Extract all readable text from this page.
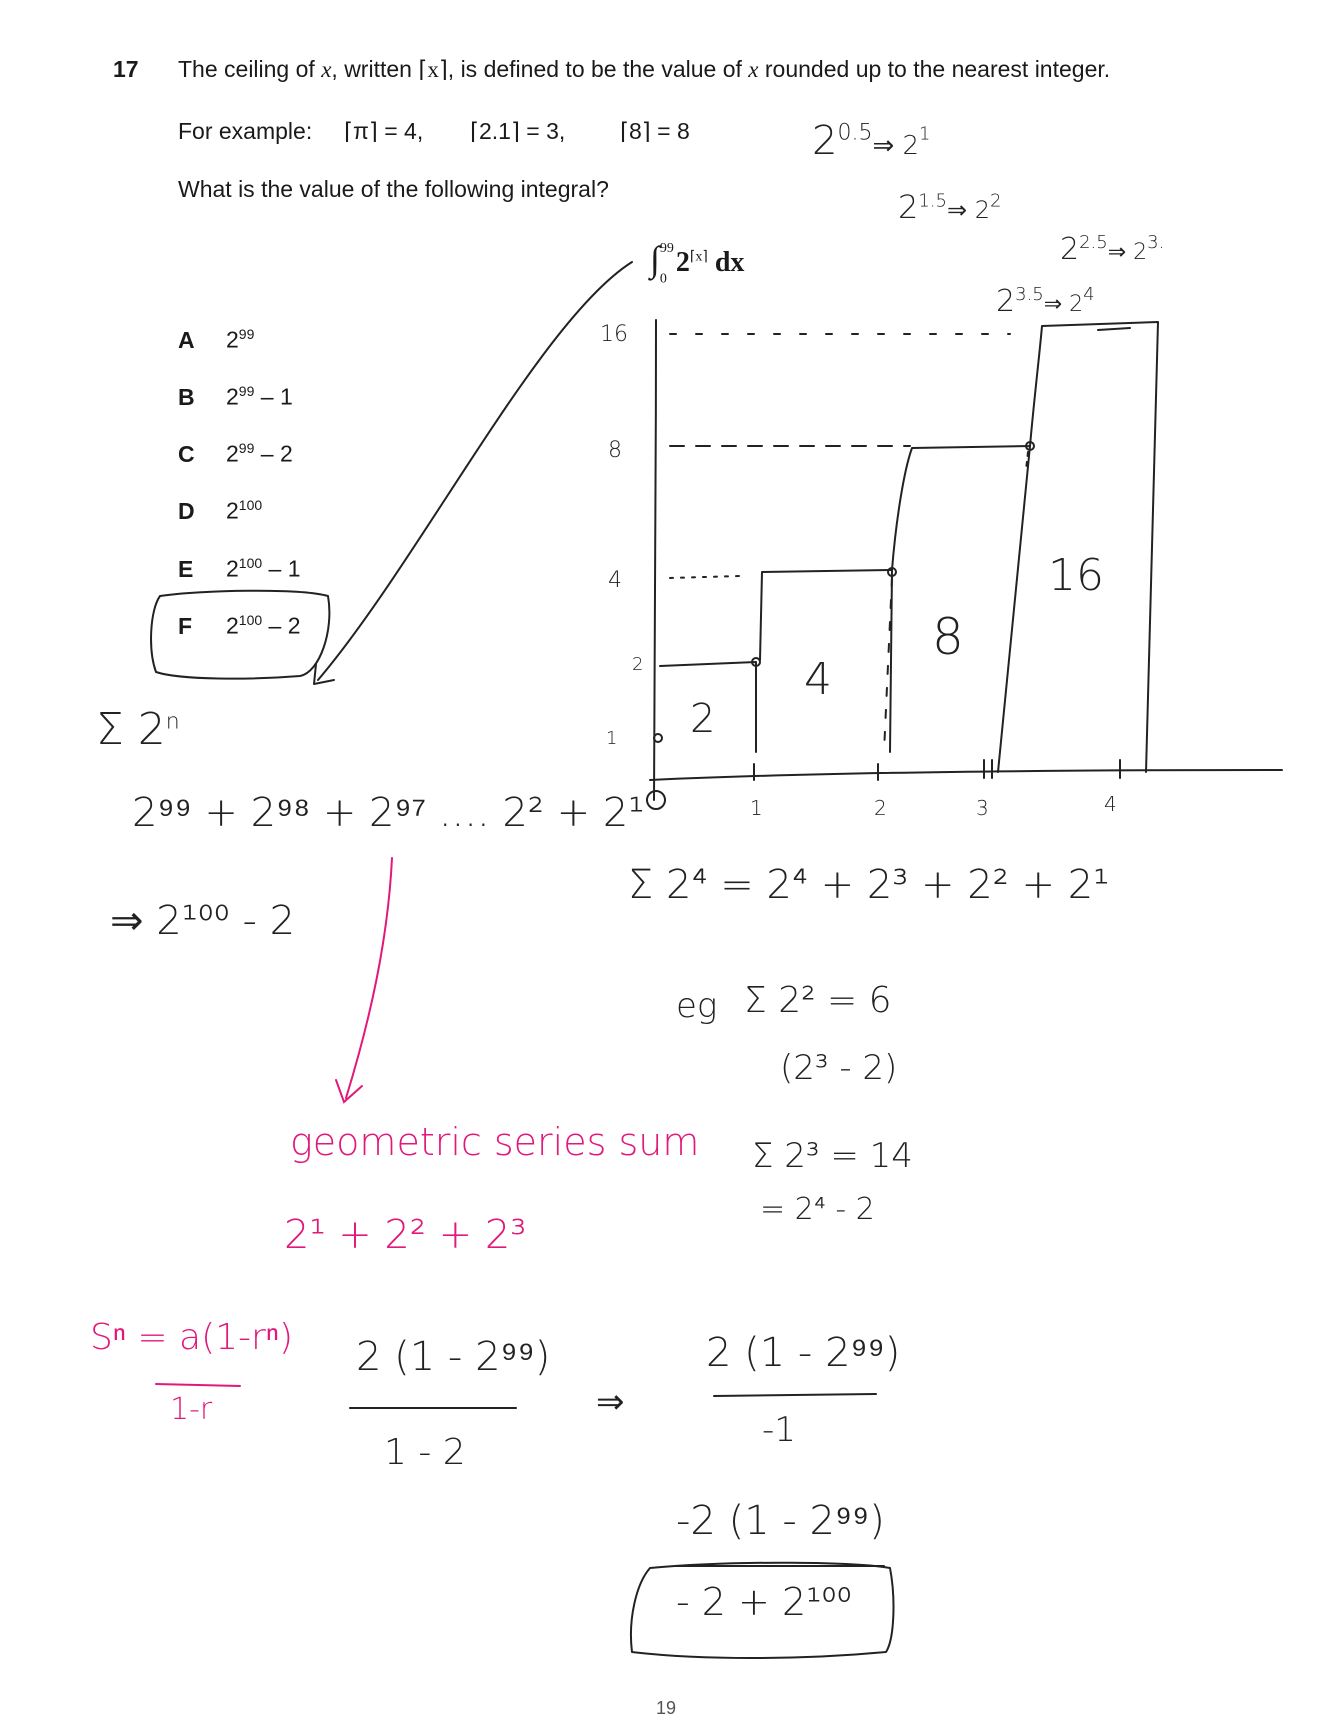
17 The ceiling of x, written ⌈x⌉, is defined to be the value of x rounded up to the nearest integer.
For example: ⌈π⌉ = 4, ⌈2.1⌉ = 3, ⌈8⌉ = 8
What is the value of the following integral?
∫$^{99}$
$_02^{⌈x⌉}$ dx
A $2^{99}$
B $2^{99} - 1$
C $2^{99} - 2$
D $2^{100}$
E $2^{100} - 1$
F $2^{100} - 2$
$2^{0.5}\Rightarrow$ $2^1$
$2^{1.5}\Rightarrow$ $2^2$
$2^{2.5}\Rightarrow$ $2^{3.}$
$2^{3.5}\Rightarrow$ $2^4$
16
8
4
2
1
1	2	3	4
2
4
8
16
Σ 2$^n$
2⁹⁹ + 2⁹⁸ + 2⁹⁷ .... 2² + 2¹
⇒ 2¹⁰⁰ - 2
Σ 2⁴ = 2⁴ + 2³ + 2² + 2¹
eg Σ 2² = 6
(2³ - 2)
Σ 2³ = 14
= 2⁴ - 2
geometric series sum
2¹ + 2² + 2³
Sⁿ = a(1-rⁿ)
1-r
2 (1 - 2⁹⁹)
1 - 2
⇒
2 (1 - 2⁹⁹)
-1
-2 (1 - 2⁹⁹)
- 2 + 2¹⁰⁰
19
